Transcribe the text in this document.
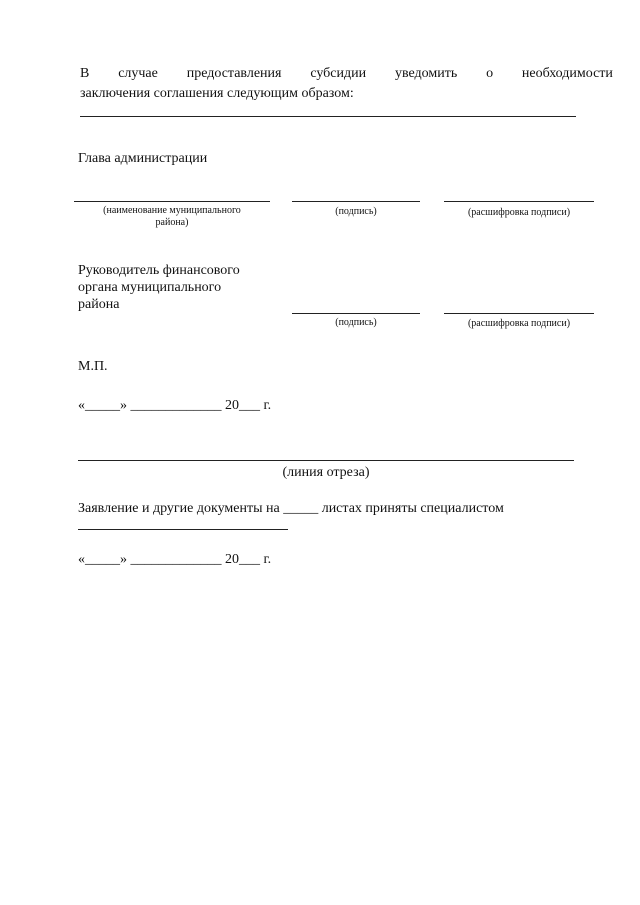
В случае предоставления субсидии уведомить о необходимости
заключения соглашения следующим образом:
Глава администрации
(наименование муниципального
района)
(подпись)	(расшифровка подписи)
Руководитель финансового
органа муниципального
района
(подпись)	(расшифровка подписи)
М.П.
«_____» _____________ 20___ г.
(линия отреза)
Заявление и другие документы на _____ листах приняты специалистом
«_____» _____________ 20___ г.
